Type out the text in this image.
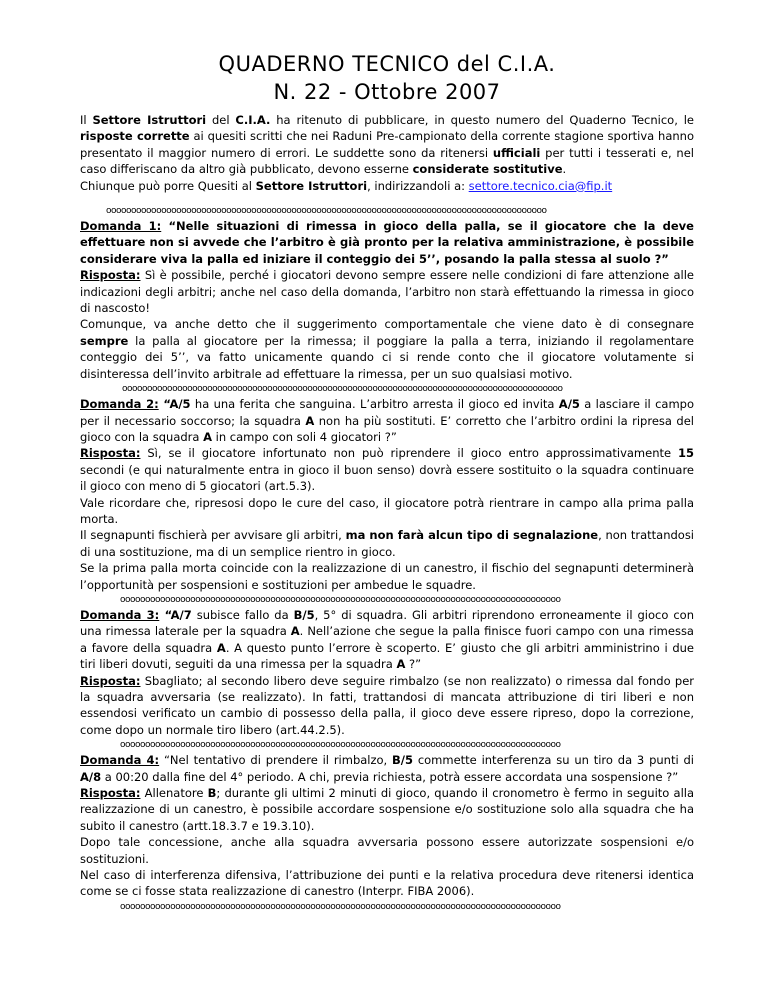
QUADERNO TECNICO del C.I.A.
N. 22 - Ottobre 2007

Il Settore Istruttori del C.I.A. ha ritenuto di pubblicare, in questo numero del Quaderno Tecnico, le risposte corrette ai quesiti scritti che nei Raduni Pre-campionato della corrente stagione sportiva hanno presentato il maggior numero di errori. Le suddette sono da ritenersi ufficiali per tutti i tesserati e, nel caso differiscano da altro già pubblicato, devono esserne considerate sostitutive.
Chiunque può porre Quesiti al Settore Istruttori, indirizzandoli a: settore.tecnico.cia@fip.it

oooooooooooooooooooooooooooooooooooooooooooooooooooooooooooooooooooooooooooooooooooooooo

Domanda 1: “Nelle situazioni di rimessa in gioco della palla, se il giocatore che la deve effettuare non si avvede che l’arbitro è già pronto per la relativa amministrazione, è possibile considerare viva la palla ed iniziare il conteggio dei 5’’, posando la palla stessa al suolo ?”

Risposta: Sì è possibile, perché i giocatori devono sempre essere nelle condizioni di fare attenzione alle indicazioni degli arbitri; anche nel caso della domanda, l’arbitro non starà effettuando la rimessa in gioco di nascosto!

Comunque, va anche detto che il suggerimento comportamentale che viene dato è di consegnare sempre la palla al giocatore per la rimessa; il poggiare la palla a terra, iniziando il regolamentare conteggio dei 5’’, va fatto unicamente quando ci si rende conto che il giocatore volutamente si disinteressa dell’invito arbitrale ad effettuare la rimessa, per un suo qualsiasi motivo.

oooooooooooooooooooooooooooooooooooooooooooooooooooooooooooooooooooooooooooooooooooooooo

Domanda 2: “A/5 ha una ferita che sanguina. L’arbitro arresta il gioco ed invita A/5 a lasciare il campo per il necessario soccorso; la squadra A non ha più sostituti. E’ corretto che l’arbitro ordini la ripresa del gioco con la squadra A in campo con soli 4 giocatori ?”

Risposta: Sì, se il giocatore infortunato non può riprendere il gioco entro approssimativamente 15 secondi (e qui naturalmente entra in gioco il buon senso) dovrà essere sostituito o la squadra continuare il gioco con meno di 5 giocatori (art.5.3).

Vale ricordare che, ripresosi dopo le cure del caso, il giocatore potrà rientrare in campo alla prima palla morta.

Il segnapunti fischierà per avvisare gli arbitri, ma non farà alcun tipo di segnalazione, non trattandosi di una sostituzione, ma di un semplice rientro in gioco.

Se la prima palla morta coincide con la realizzazione di un canestro, il fischio del segnapunti determinerà l’opportunità per sospensioni e sostituzioni per ambedue le squadre.

oooooooooooooooooooooooooooooooooooooooooooooooooooooooooooooooooooooooooooooooooooooooo

Domanda 3: “A/7 subisce fallo da B/5, 5° di squadra. Gli arbitri riprendono erroneamente il gioco con una rimessa laterale per la squadra A. Nell’azione che segue la palla finisce fuori campo con una rimessa a favore della squadra A. A questo punto l’errore è scoperto. E’ giusto che gli arbitri amministrino i due tiri liberi dovuti, seguiti da una rimessa per la squadra A ?”

Risposta: Sbagliato; al secondo libero deve seguire rimbalzo (se non realizzato) o rimessa dal fondo per la squadra avversaria (se realizzato). In fatti, trattandosi di mancata attribuzione di tiri liberi e non essendosi verificato un cambio di possesso della palla, il gioco deve essere ripreso, dopo la correzione, come dopo un normale tiro libero (art.44.2.5).

oooooooooooooooooooooooooooooooooooooooooooooooooooooooooooooooooooooooooooooooooooooooo

Domanda 4: “Nel tentativo di prendere il rimbalzo, B/5 commette interferenza su un tiro da 3 punti di A/8 a 00:20 dalla fine del 4° periodo. A chi, previa richiesta, potrà essere accordata una sospensione ?”

Risposta: Allenatore B; durante gli ultimi 2 minuti di gioco, quando il cronometro è fermo in seguito alla realizzazione di un canestro, è possibile accordare sospensione e/o sostituzione solo alla squadra che ha subito il canestro (artt.18.3.7 e 19.3.10).

Dopo tale concessione, anche alla squadra avversaria possono essere autorizzate sospensioni e/o sostituzioni.

Nel caso di interferenza difensiva, l’attribuzione dei punti e la relativa procedura deve ritenersi identica come se ci fosse stata realizzazione di canestro (Interpr. FIBA 2006).

oooooooooooooooooooooooooooooooooooooooooooooooooooooooooooooooooooooooooooooooooooooooo
